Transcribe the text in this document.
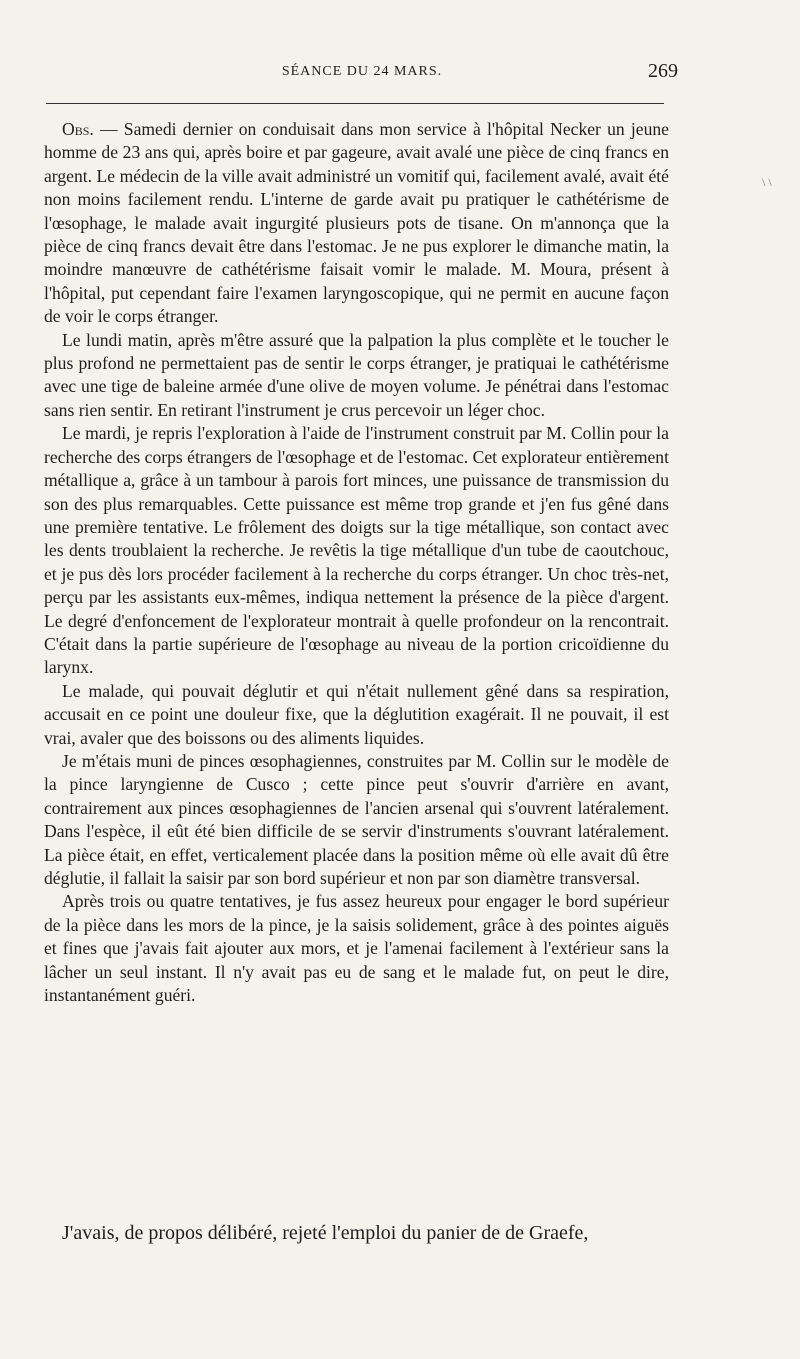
SÉANCE DU 24 MARS.	269
\ \

Obs. — Samedi dernier on conduisait dans mon service à l'hôpital Necker un jeune homme de 23 ans qui, après boire et par gageure, avait avalé une pièce de cinq francs en argent. Le médecin de la ville avait administré un vomitif qui, facilement avalé, avait été non moins facilement rendu. L'interne de garde avait pu pratiquer le cathétérisme de l'œsophage, le malade avait ingurgité plusieurs pots de tisane. On m'annonça que la pièce de cinq francs devait être dans l'estomac. Je ne pus explorer le dimanche matin, la moindre manœuvre de cathétérisme faisait vomir le malade. M. Moura, présent à l'hôpital, put cependant faire l'examen laryngoscopique, qui ne permit en aucune façon de voir le corps étranger.

Le lundi matin, après m'être assuré que la palpation la plus complète et le toucher le plus profond ne permettaient pas de sentir le corps étranger, je pratiquai le cathétérisme avec une tige de baleine armée d'une olive de moyen volume. Je pénétrai dans l'estomac sans rien sentir. En retirant l'instrument je crus percevoir un léger choc.

Le mardi, je repris l'exploration à l'aide de l'instrument construit par M. Collin pour la recherche des corps étrangers de l'œsophage et de l'estomac. Cet explorateur entièrement métallique a, grâce à un tambour à parois fort minces, une puissance de transmission du son des plus remarquables. Cette puissance est même trop grande et j'en fus gêné dans une première tentative. Le frôlement des doigts sur la tige métallique, son contact avec les dents troublaient la recherche. Je revêtis la tige métallique d'un tube de caoutchouc, et je pus dès lors procéder facilement à la recherche du corps étranger. Un choc très-net, perçu par les assistants eux-mêmes, indiqua nettement la présence de la pièce d'argent. Le degré d'enfoncement de l'explorateur montrait à quelle profondeur on la rencontrait. C'était dans la partie supérieure de l'œsophage au niveau de la portion cricoïdienne du larynx.

Le malade, qui pouvait déglutir et qui n'était nullement gêné dans sa respiration, accusait en ce point une douleur fixe, que la déglutition exagérait. Il ne pouvait, il est vrai, avaler que des boissons ou des aliments liquides.

Je m'étais muni de pinces œsophagiennes, construites par M. Collin sur le modèle de la pince laryngienne de Cusco ; cette pince peut s'ouvrir d'arrière en avant, contrairement aux pinces œsophagiennes de l'ancien arsenal qui s'ouvrent latéralement. Dans l'espèce, il eût été bien difficile de se servir d'instruments s'ouvrant latéralement. La pièce était, en effet, verticalement placée dans la position même où elle avait dû être déglutie, il fallait la saisir par son bord supérieur et non par son diamètre transversal.

Après trois ou quatre tentatives, je fus assez heureux pour engager le bord supérieur de la pièce dans les mors de la pince, je la saisis solidement, grâce à des pointes aiguës et fines que j'avais fait ajouter aux mors, et je l'amenai facilement à l'extérieur sans la lâcher un seul instant. Il n'y avait pas eu de sang et le malade fut, on peut le dire, instantanément guéri.

J'avais, de propos délibéré, rejeté l'emploi du panier de de Graefe,
